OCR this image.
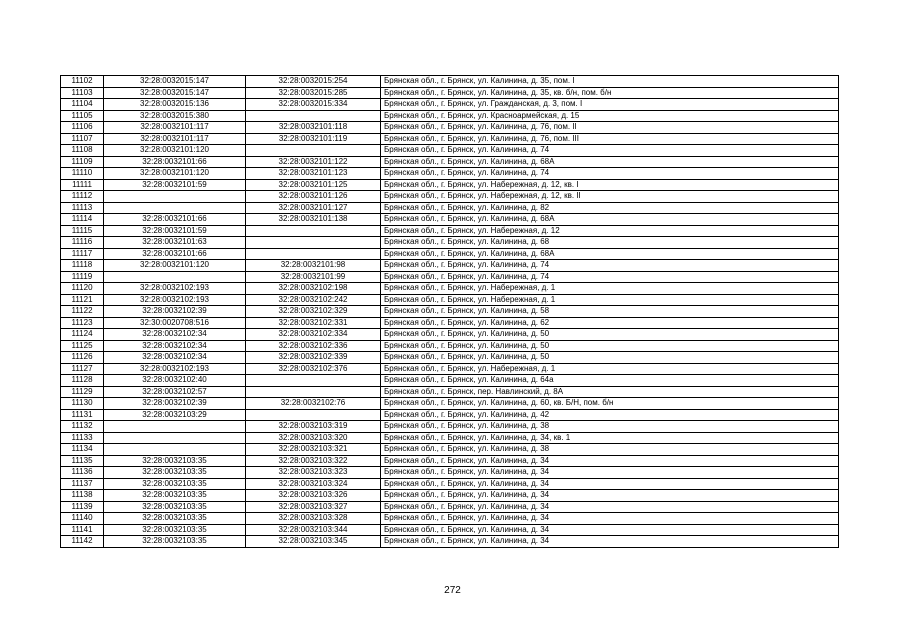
11102	32:28:0032015:147	32:28:0032015:254	Брянская обл., г. Брянск, ул. Калинина, д. 35, пом. I
11103	32:28:0032015:147	32:28:0032015:285	Брянская обл., г. Брянск, ул. Калинина, д. 35, кв. б/н, пом. б/н
11104	32:28:0032015:136	32:28:0032015:334	Брянская обл., г. Брянск, ул. Гражданская, д. 3, пом. I
11105	32:28:0032015:380		Брянская обл., г. Брянск, ул. Красноармейская, д. 15
11106	32:28:0032101:117	32:28:0032101:118	Брянская обл., г. Брянск, ул. Калинина, д. 76, пом. II
11107	32:28:0032101:117	32:28:0032101:119	Брянская обл., г. Брянск, ул. Калинина, д. 76, пом. III
11108	32:28:0032101:120		Брянская обл., г. Брянск, ул. Калинина, д. 74
11109	32:28:0032101:66	32:28:0032101:122	Брянская обл., г. Брянск, ул. Калинина, д. 68А
11110	32:28:0032101:120	32:28:0032101:123	Брянская обл., г. Брянск, ул. Калинина, д. 74
11111	32:28:0032101:59	32:28:0032101:125	Брянская обл., г. Брянск, ул. Набережная, д. 12, кв. I
11112		32:28:0032101:126	Брянская обл., г. Брянск, ул. Набережная, д. 12, кв. II
11113		32:28:0032101:127	Брянская обл., г. Брянск, ул. Калинина, д. 82
11114	32:28:0032101:66	32:28:0032101:138	Брянская обл., г. Брянск, ул. Калинина, д. 68А
11115	32:28:0032101:59		Брянская обл., г. Брянск, ул. Набережная, д. 12
11116	32:28:0032101:63		Брянская обл., г. Брянск, ул. Калинина, д. 68
11117	32:28:0032101:66		Брянская обл., г. Брянск, ул. Калинина, д. 68А
11118	32:28:0032101:120	32:28:0032101:98	Брянская обл., г. Брянск, ул. Калинина, д. 74
11119		32:28:0032101:99	Брянская обл., г. Брянск, ул. Калинина, д. 74
11120	32:28:0032102:193	32:28:0032102:198	Брянская обл., г. Брянск, ул. Набережная, д. 1
11121	32:28:0032102:193	32:28:0032102:242	Брянская обл., г. Брянск, ул. Набережная, д. 1
11122	32:28:0032102:39	32:28:0032102:329	Брянская обл., г. Брянск, ул. Калинина, д. 58
11123	32:30:0020708:516	32:28:0032102:331	Брянская обл., г. Брянск, ул. Калинина, д. 62
11124	32:28:0032102:34	32:28:0032102:334	Брянская обл., г. Брянск, ул. Калинина, д. 50
11125	32:28:0032102:34	32:28:0032102:336	Брянская обл., г. Брянск, ул. Калинина, д. 50
11126	32:28:0032102:34	32:28:0032102:339	Брянская обл., г. Брянск, ул. Калинина, д. 50
11127	32:28:0032102:193	32:28:0032102:376	Брянская обл., г. Брянск, ул. Набережная, д. 1
11128	32:28:0032102:40		Брянская обл., г. Брянск, ул. Калинина, д. 64а
11129	32:28:0032102:57		Брянская обл., г. Брянск, пер. Навлинский, д. 8А
11130	32:28:0032102:39	32:28:0032102:76	Брянская обл., г. Брянск, ул. Калинина, д. 60, кв. Б/Н, пом. б/н
11131	32:28:0032103:29		Брянская обл., г. Брянск, ул. Калинина, д. 42
11132		32:28:0032103:319	Брянская обл., г. Брянск, ул. Калинина, д. 38
11133		32:28:0032103:320	Брянская обл., г. Брянск, ул. Калинина, д. 34, кв. 1
11134		32:28:0032103:321	Брянская обл., г. Брянск, ул. Калинина, д. 38
11135	32:28:0032103:35	32:28:0032103:322	Брянская обл., г. Брянск, ул. Калинина, д. 34
11136	32:28:0032103:35	32:28:0032103:323	Брянская обл., г. Брянск, ул. Калинина, д. 34
11137	32:28:0032103:35	32:28:0032103:324	Брянская обл., г. Брянск, ул. Калинина, д. 34
11138	32:28:0032103:35	32:28:0032103:326	Брянская обл., г. Брянск, ул. Калинина, д. 34
11139	32:28:0032103:35	32:28:0032103:327	Брянская обл., г. Брянск, ул. Калинина, д. 34
11140	32:28:0032103:35	32:28:0032103:328	Брянская обл., г. Брянск, ул. Калинина, д. 34
11141	32:28:0032103:35	32:28:0032103:344	Брянская обл., г. Брянск, ул. Калинина, д. 34
11142	32:28:0032103:35	32:28:0032103:345	Брянская обл., г. Брянск, ул. Калинина, д. 34
272
